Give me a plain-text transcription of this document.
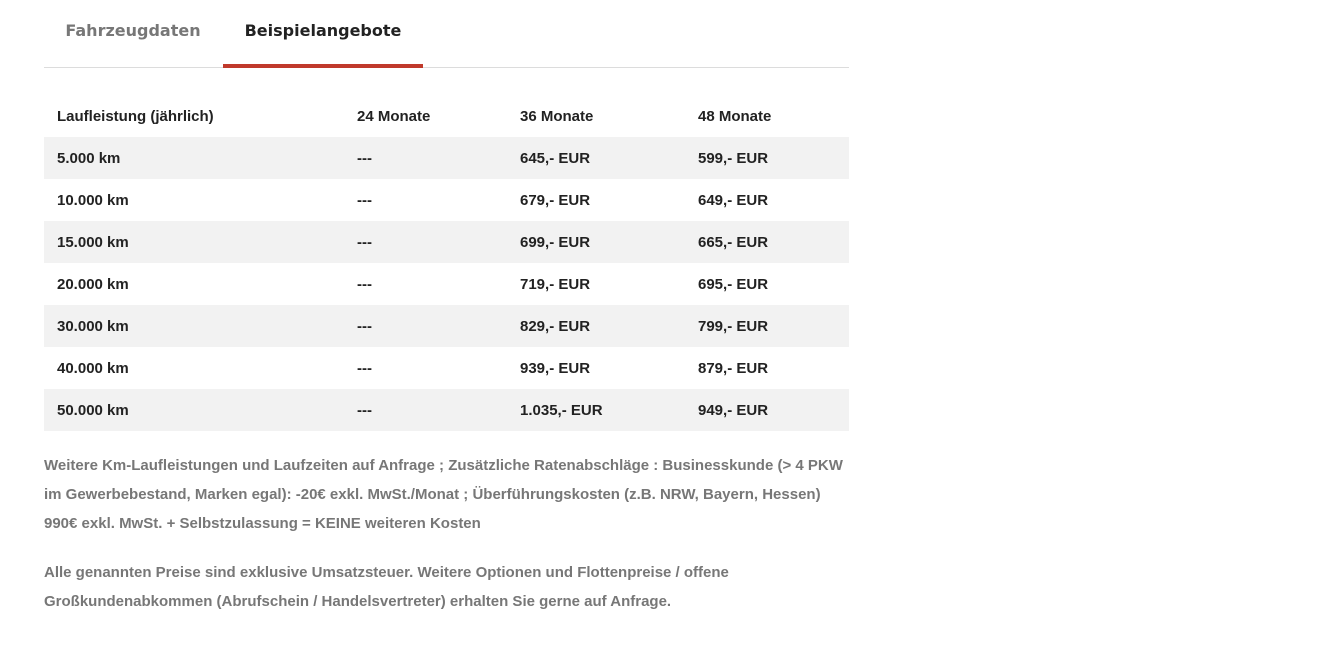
Fahrzeugdaten	Beispielangebote
Laufleistung (jährlich)	24 Monate	36 Monate	48 Monate
5.000 km	---	645,- EUR	599,- EUR
10.000 km	---	679,- EUR	649,- EUR
15.000 km	---	699,- EUR	665,- EUR
20.000 km	---	719,- EUR	695,- EUR
30.000 km	---	829,- EUR	799,- EUR
40.000 km	---	939,- EUR	879,- EUR
50.000 km	---	1.035,- EUR	949,- EUR

Weitere Km-Laufleistungen und Laufzeiten auf Anfrage ; Zusätzliche Ratenabschläge : Businesskunde (> 4 PKW im Gewerbebestand, Marken egal): -20€ exkl. MwSt./Monat ; Überführungskosten (z.B. NRW, Bayern, Hessen) 990€ exkl. MwSt. + Selbstzulassung = KEINE weiteren Kosten

Alle genannten Preise sind exklusive Umsatzsteuer. Weitere Optionen und Flottenpreise / offene Großkundenabkommen (Abrufschein / Handelsvertreter) erhalten Sie gerne auf Anfrage.
